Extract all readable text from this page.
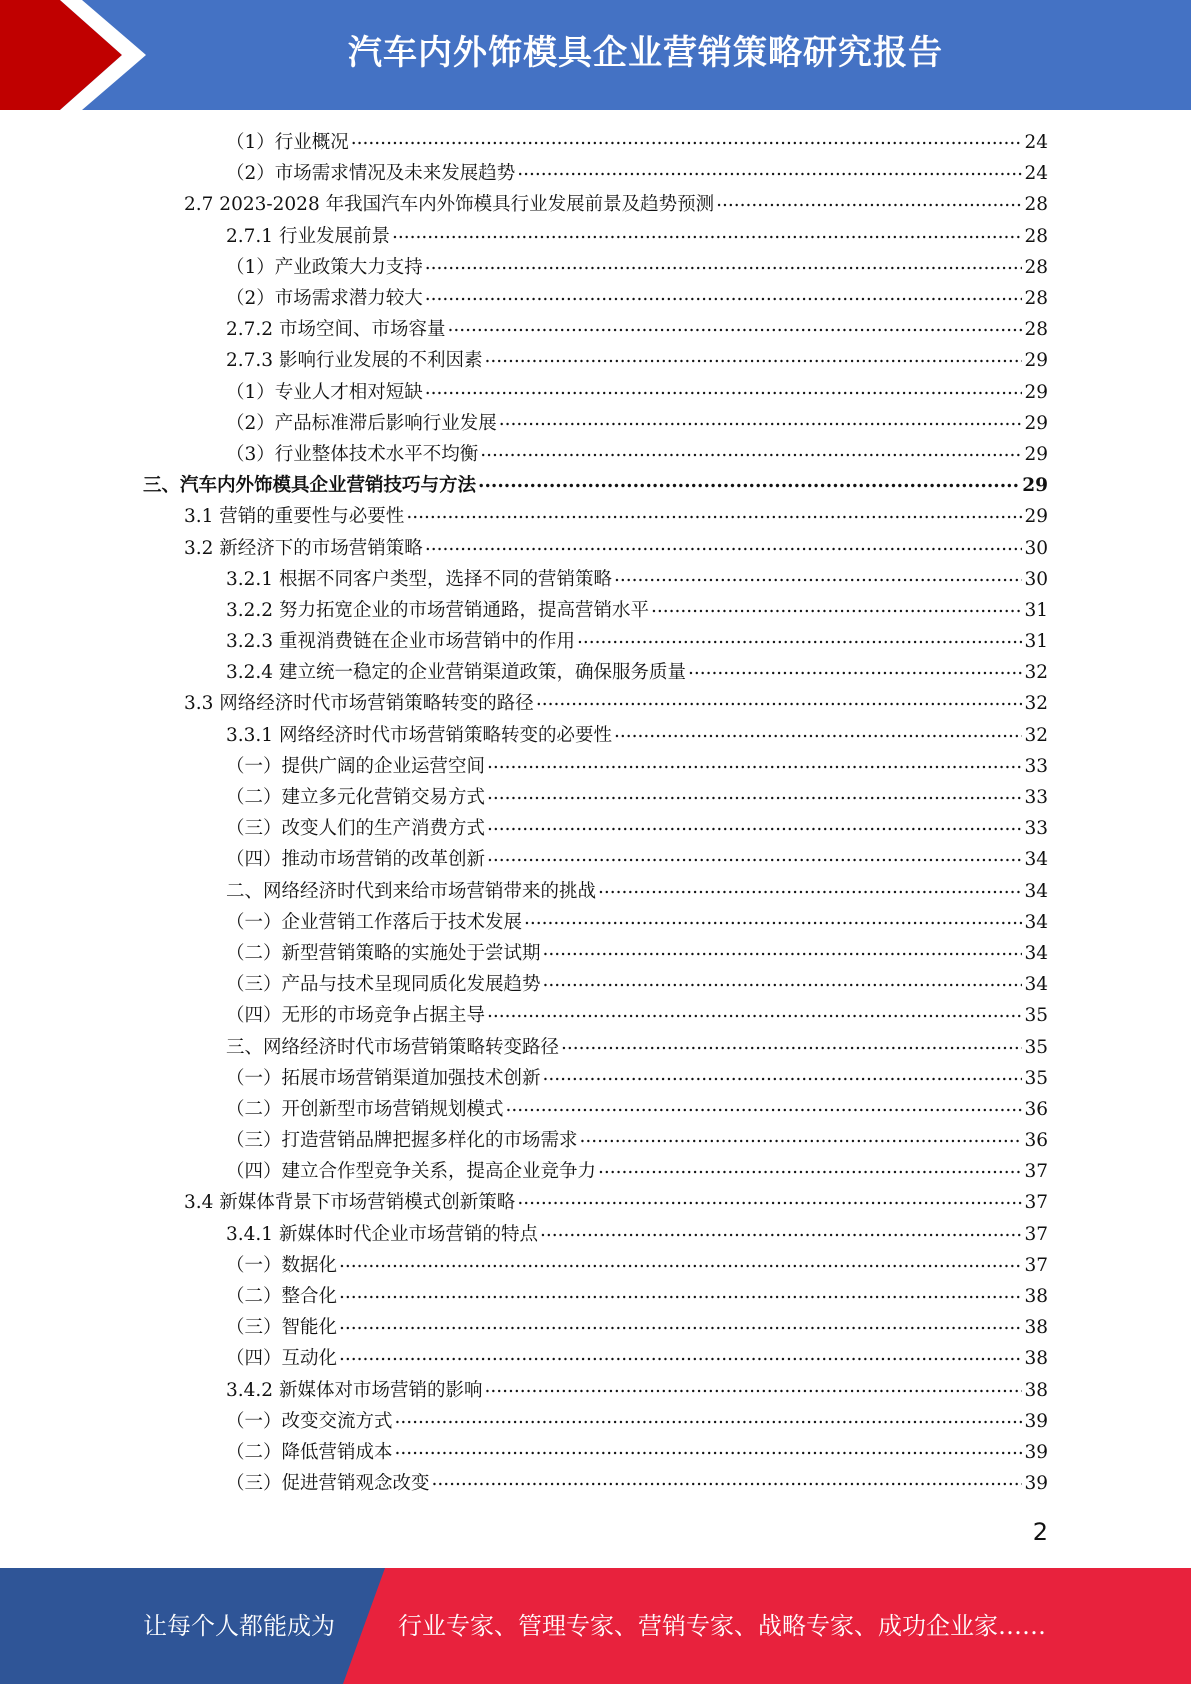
汽车内外饰模具企业营销策略研究报告
（1）行业概况 .....	24
（2）市场需求情况及未来发展趋势 .....	24
2.7 2023-2028 年我国汽车内外饰模具行业发展前景及趋势预测 .....	28
2.7.1 行业发展前景 .....	28
（1）产业政策大力支持 .....	28
（2）市场需求潜力较大 .....	28
2.7.2 市场空间、市场容量 .....	28
2.7.3 影响行业发展的不利因素 .....	29
（1）专业人才相对短缺 .....	29
（2）产品标准滞后影响行业发展 .....	29
（3）行业整体技术水平不均衡 .....	29
三、汽车内外饰模具企业营销技巧与方法 .....	29
3.1 营销的重要性与必要性 .....	29
3.2 新经济下的市场营销策略 .....	30
3.2.1 根据不同客户类型，选择不同的营销策略 .....	30
3.2.2 努力拓宽企业的市场营销通路，提高营销水平 .....	31
3.2.3 重视消费链在企业市场营销中的作用 .....	31
3.2.4 建立统一稳定的企业营销渠道政策，确保服务质量 .....	32
3.3 网络经济时代市场营销策略转变的路径 .....	32
3.3.1 网络经济时代市场营销策略转变的必要性 .....	32
（一）提供广阔的企业运营空间 .....	33
（二）建立多元化营销交易方式 .....	33
（三）改变人们的生产消费方式 .....	33
（四）推动市场营销的改革创新 .....	34
二、网络经济时代到来给市场营销带来的挑战 .....	34
（一）企业营销工作落后于技术发展 .....	34
（二）新型营销策略的实施处于尝试期 .....	34
（三）产品与技术呈现同质化发展趋势 .....	34
（四）无形的市场竞争占据主导 .....	35
三、网络经济时代市场营销策略转变路径 .....	35
（一）拓展市场营销渠道加强技术创新 .....	35
（二）开创新型市场营销规划模式 .....	36
（三）打造营销品牌把握多样化的市场需求 .....	36
（四）建立合作型竞争关系，提高企业竞争力 .....	37
3.4 新媒体背景下市场营销模式创新策略 .....	37
3.4.1 新媒体时代企业市场营销的特点 .....	37
（一）数据化 .....	37
（二）整合化 .....	38
（三）智能化 .....	38
（四）互动化 .....	38
3.4.2 新媒体对市场营销的影响 .....	38
（一）改变交流方式 .....	39
（二）降低营销成本 .....	39
（三）促进营销观念改变 .....	39
2
让每个人都能成为	行业专家、管理专家、营销专家、战略专家、成功企业家……
